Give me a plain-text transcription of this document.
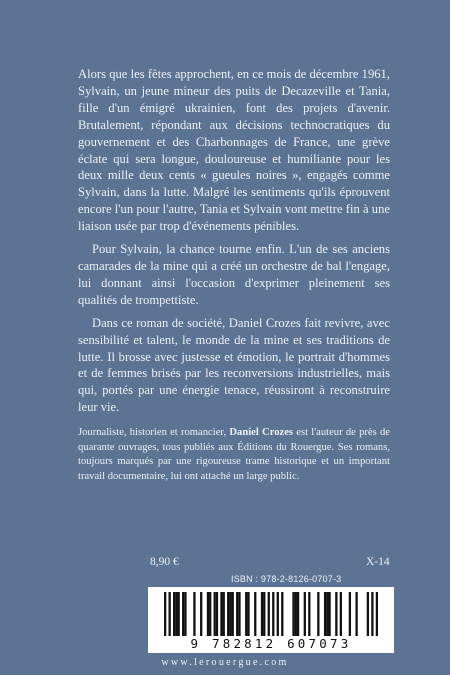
Alors que les fêtes approchent, en ce mois de décembre 1961, Sylvain, un jeune mineur des puits de Decazeville et Tania, fille d'un émigré ukrainien, font des projets d'avenir. Brutalement, répondant aux décisions technocratiques du gouvernement et des Charbonnages de France, une grève éclate qui sera longue, douloureuse et humiliante pour les deux mille deux cents « gueules noires », engagés comme Sylvain, dans la lutte. Malgré les sentiments qu'ils éprouvent encore l'un pour l'autre, Tania et Sylvain vont mettre fin à une liaison usée par trop d'événements pénibles.

Pour Sylvain, la chance tourne enfin. L'un de ses anciens camarades de la mine qui a créé un orchestre de bal l'engage, lui donnant ainsi l'occasion d'exprimer pleinement ses qualités de trompettiste.

Dans ce roman de société, Daniel Crozes fait revivre, avec sensibilité et talent, le monde de la mine et ses traditions de lutte. Il brosse avec justesse et émotion, le portrait d'hommes et de femmes brisés par les reconversions industrielles, mais qui, portés par une énergie tenace, réussiront à reconstruire leur vie.

Journaliste, historien et romancier, Daniel Crozes est l'auteur de près de quarante ouvrages, tous publiés aux Éditions du Rouergue. Ses romans, toujours marqués par une rigoureuse trame historique et un important travail documentaire, lui ont attaché un large public.
8,90 €	X-14
ISBN : 978-2-8126-0707-3
9 782812 607073
www.lerouergue.com
